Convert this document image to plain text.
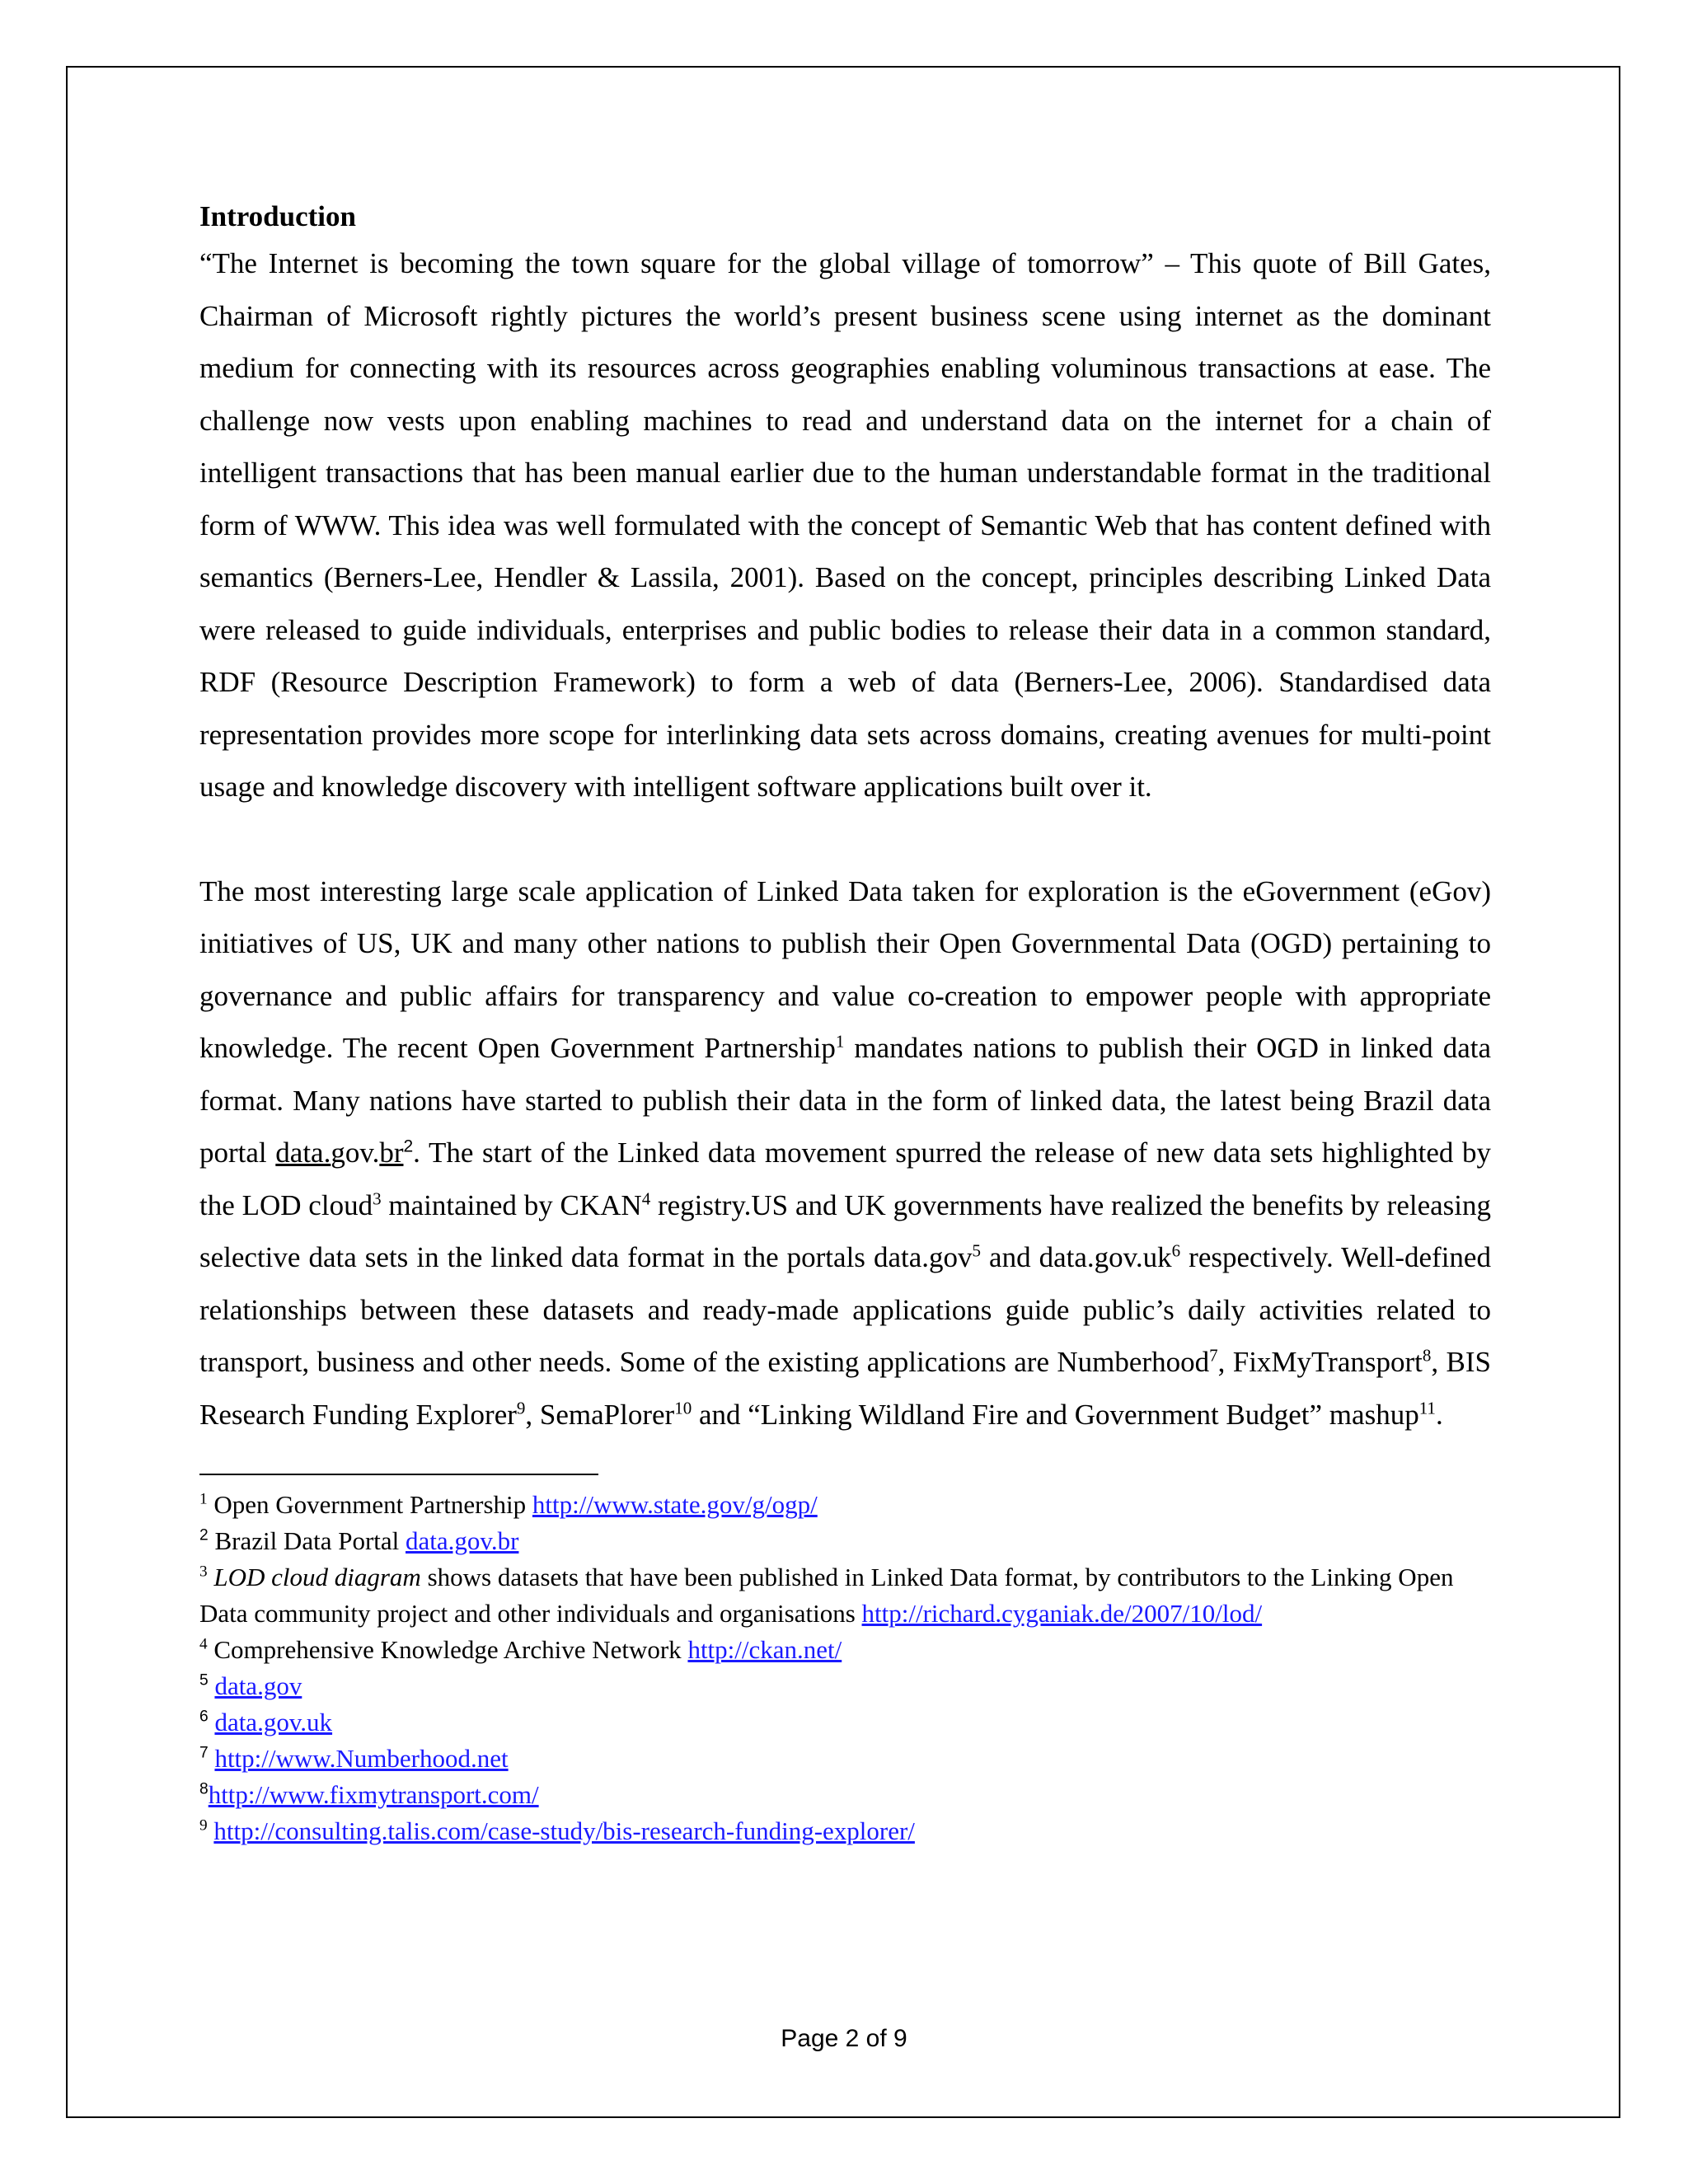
Introduction

“The Internet is becoming the town square for the global village of tomorrow” – This quote of Bill Gates, Chairman of Microsoft rightly pictures the world’s present business scene using internet as the dominant medium for connecting with its resources across geographies enabling voluminous transactions at ease. The challenge now vests upon enabling machines to read and understand data on the internet for a chain of intelligent transactions that has been manual earlier due to the human understandable format in the traditional form of WWW. This idea was well formulated with the concept of Semantic Web that has content defined with semantics (Berners-Lee, Hendler & Lassila, 2001). Based on the concept, principles describing Linked Data were released to guide individuals, enterprises and public bodies to release their data in a common standard, RDF (Resource Description Framework) to form a web of data (Berners-Lee, 2006). Standardised data representation provides more scope for interlinking data sets across domains, creating avenues for multi-point usage and knowledge discovery with intelligent software applications built over it.

The most interesting large scale application of Linked Data taken for exploration is the eGovernment (eGov) initiatives of US, UK and many other nations to publish their Open Governmental Data (OGD) pertaining to governance and public affairs for transparency and value co-creation to empower people with appropriate knowledge. The recent Open Government Partnership$^1$ mandates nations to publish their OGD in linked data format. Many nations have started to publish their data in the form of linked data, the latest being Brazil data portal $data.gov.br^2$. The start of the Linked data movement spurred the release of new data sets highlighted by the LOD cloud$^3$ maintained by CKAN$^4$ registry.US and UK governments have realized the benefits by releasing selective data sets in the linked data format in the portals data.gov$^5$ and $data.gov.uk^6$ respectively. Well-defined relationships between these datasets and ready-made applications guide public’s daily activities related to transport, business and other needs. Some of the existing applications are Numberhood$^7$, FixMyTransport$^8$, BIS Research Funding Explorer$^9$, SemaPlorer$^{10}$ and “Linking Wildland Fire and Government Budget” mashup$^{11}$.

$^1$ Open Government Partnership http://www.state.gov/g/ogp/

$^2$ Brazil Data Portal data.gov.br

$^3$ LOD cloud diagram shows datasets that have been published in Linked Data format, by contributors to the Linking Open Data community project and other individuals and organisations http://richard.cyganiak.de/2007/10/lod/

$^4$ Comprehensive Knowledge Archive Network http://ckan.net/

$^5$ data.gov

$^6$ data.gov.uk

$^7$ http://www.Numberhood.net

$^8$http://www.fixmytransport.com/

$^9$ http://consulting.talis.com/case-study/bis-research-funding-explorer/

Page 2 of 9
